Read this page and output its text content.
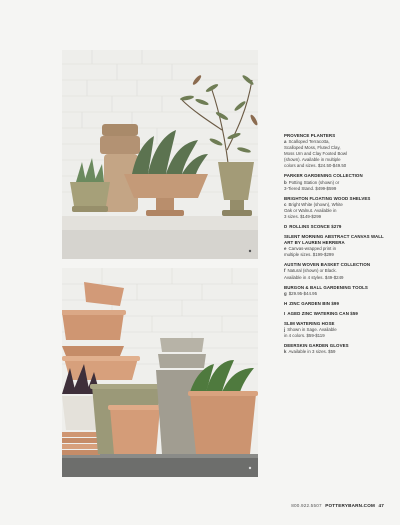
PROVENCE PLANTERS

a Scalloped Terracotta,

Scalloped Moss, Fluted Clay,

Moss Urn and Clay Footed Bowl

(shown). Available in multiple

colors and sizes. $24.50-$49.50

PARKER GARDENING COLLECTION

b Potting Station (shown) or

3-Tiered Stand. $499-$599

BRIGHTON FLOATING WOOD SHELVES

c Bright White (shown), White

Oak or Walnut. Available in

3 sizes. $149-$299

D ROLLINS SCONCE $279

SILENT MORNING ABSTRACT CANVAS WALL ART BY LAUREN HERRERA

e Canvas-wrapped print in

multiple sizes. $199-$299

AUSTIN WOVEN BASKET COLLECTION

f Natural (shown) or Black.

Available in 4 styles. $49-$249

BURGON & BALL GARDENING TOOLS

g $29.95-$44.95

H ZINC GARDEN BIN $99

I AGED ZINC WATERING CAN $59

SLIM WATERING HOSE

j Shown in Sage. Available

in 4 colors. $59-$119

DEERSKIN GARDEN GLOVES

k Available in 3 sizes. $59

800.922.5507 POTTERYBARN.COM 47
